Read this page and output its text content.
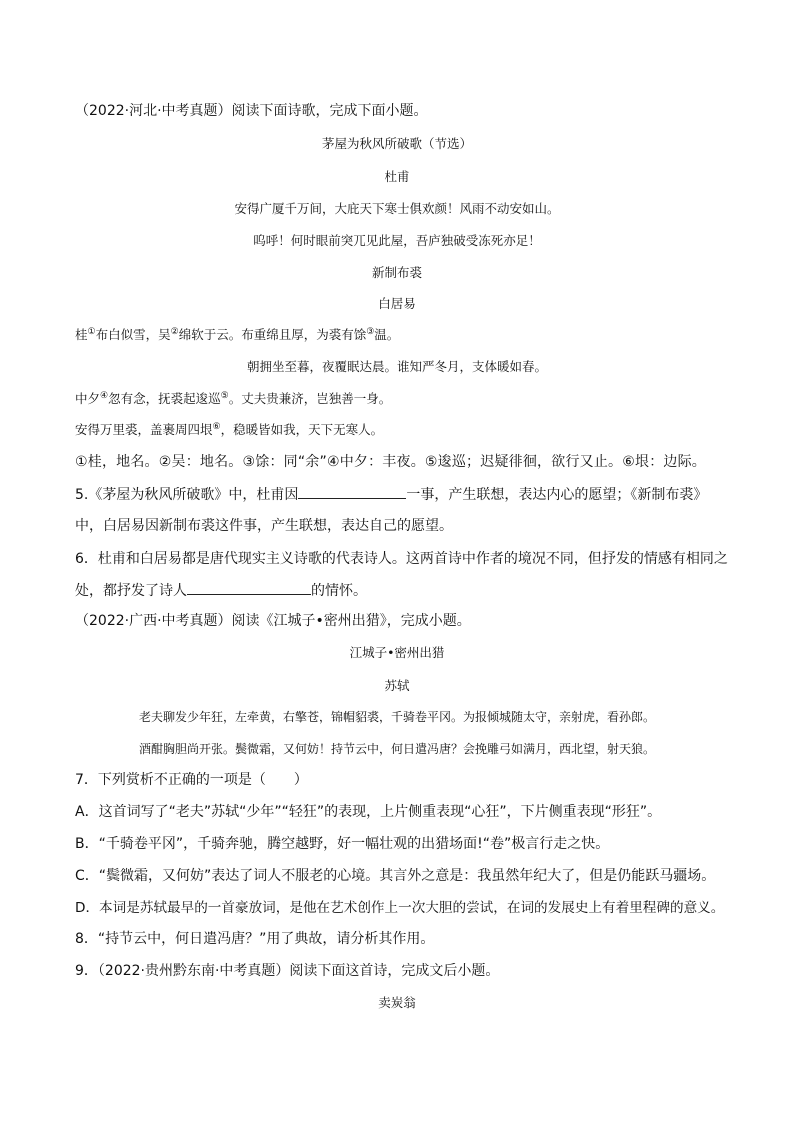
（2022·河北·中考真题）阅读下面诗歌，完成下面小题。
茅屋为秋风所破歌（节选）
杜甫
安得广厦千万间，大庇天下寒士俱欢颜！风雨不动安如山。
呜呼！何时眼前突兀见此屋，吾庐独破受冻死亦足！
新制布裘
白居易
桂①布白似雪，吴②绵软于云。布重绵且厚，为裘有馀③温。
朝拥坐至暮，夜覆眠达晨。谁知严冬月，支体暖如春。
中夕④忽有念，抚裘起逡巡⑤。丈夫贵兼济，岂独善一身。
安得万里裘，盖裹周四垠⑥，稳暖皆如我，天下无寒人。
①桂，地名。②吴：地名。③馀：同“余”④中夕：丰夜。⑤逡巡；迟疑徘徊，欲行又止。⑥垠：边际。
5.《茅屋为秋风所破歌》中，杜甫因	一事，产生联想，表达内心的愿望；《新制布裘》
中，白居易因新制布裘这件事，产生联想，表达自己的愿望。
6．杜甫和白居易都是唐代现实主义诗歌的代表诗人。这两首诗中作者的境况不同，但抒发的情感有相同之
处，都抒发了诗人	的情怀。
（2022·广西·中考真题）阅读《江城子•密州出猎》，完成小题。
江城子•密州出猎
苏轼
老夫聊发少年狂，左牵黄，右擎苍，锦帽貂裘，千骑卷平冈。为报倾城随太守，亲射虎，看孙郎。
酒酣胸胆尚开张。鬓微霜，又何妨！持节云中，何日遣冯唐？会挽雕弓如满月，西北望，射天狼。
7．下列赏析不正确的一项是（　　）
A．这首词写了“老夫”苏轼“少年”“轻狂”的表现，上片侧重表现“心狂”，下片侧重表现“形狂”。
B．“千骑卷平冈”，千骑奔驰，腾空越野，好一幅壮观的出猎场面!“卷”极言行走之快。
C．“鬓微霜，又何妨”表达了词人不服老的心境。其言外之意是：我虽然年纪大了，但是仍能跃马疆场。
D．本词是苏轼最早的一首豪放词，是他在艺术创作上一次大胆的尝试，在词的发展史上有着里程碑的意义。
8．“持节云中，何日遣冯唐？”用了典故，请分析其作用。
9．（2022·贵州黔东南·中考真题）阅读下面这首诗，完成文后小题。
卖炭翁
